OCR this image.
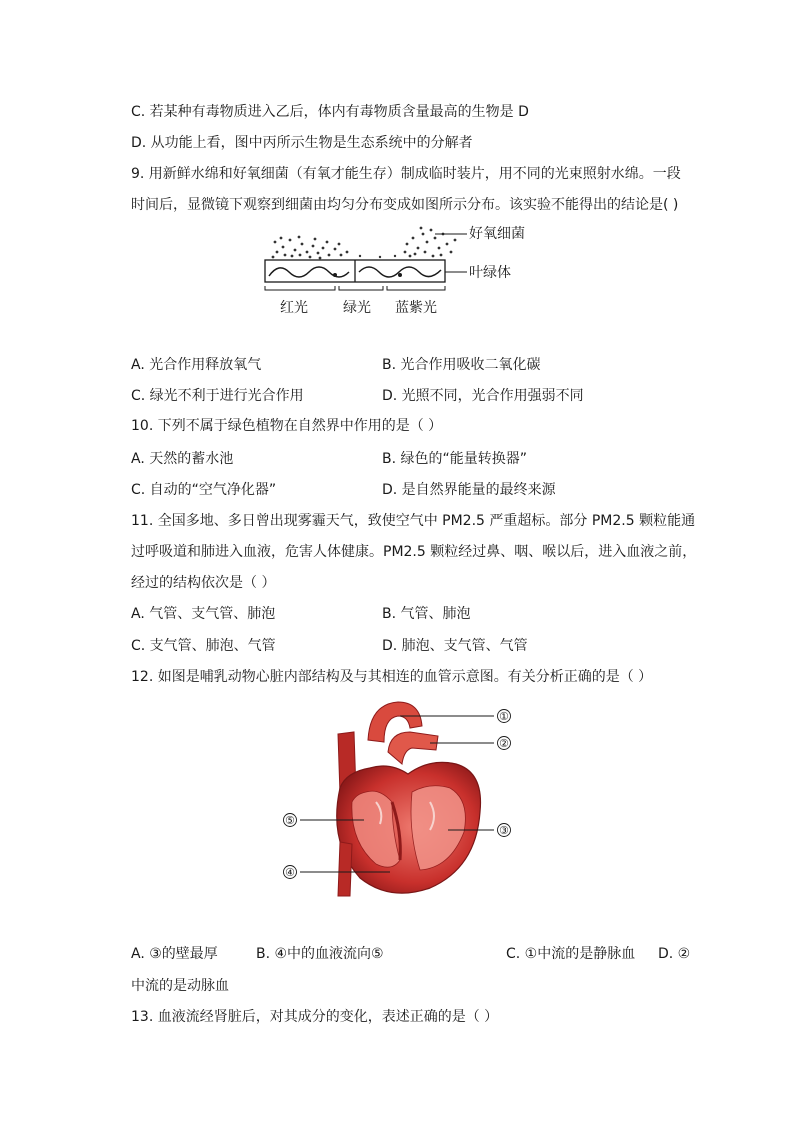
C. 若某种有毒物质进入乙后，体内有毒物质含量最高的生物是 D
D. 从功能上看，图中丙所示生物是生态系统中的分解者
9. 用新鲜水绵和好氧细菌（有氧才能生存）制成临时装片，用不同的光束照射水绵。一段
时间后，显微镜下观察到细菌由均匀分布变成如图所示分布。该实验不能得出的结论是( )
好氧细菌
叶绿体
红光	绿光 蓝紫光
A. 光合作用释放氧气	B. 光合作用吸收二氧化碳
C. 绿光不利于进行光合作用	D. 光照不同，光合作用强弱不同
10. 下列不属于绿色植物在自然界中作用的是（ ）
A. 天然的蓄水池	B. 绿色的“能量转换器”
C. 自动的“空气净化器”	D. 是自然界能量的最终来源
11. 全国多地、多日曾出现雾霾天气，致使空气中 PM2.5 严重超标。部分 PM2.5 颗粒能通
过呼吸道和肺进入血液，危害人体健康。PM2.5 颗粒经过鼻、咽、喉以后，进入血液之前，
经过的结构依次是（ ）
A. 气管、支气管、肺泡	B. 气管、肺泡
C. 支气管、肺泡、气管	D. 肺泡、支气管、气管
12. 如图是哺乳动物心脏内部结构及与其相连的血管示意图。有关分析正确的是（ ）
①
②
③
⑤
④
A. ③的壁最厚	B. ④中的血液流向⑤	C. ①中流的是静脉血 D. ②
中流的是动脉血
13. 血液流经肾脏后，对其成分的变化，表述正确的是（ ）
